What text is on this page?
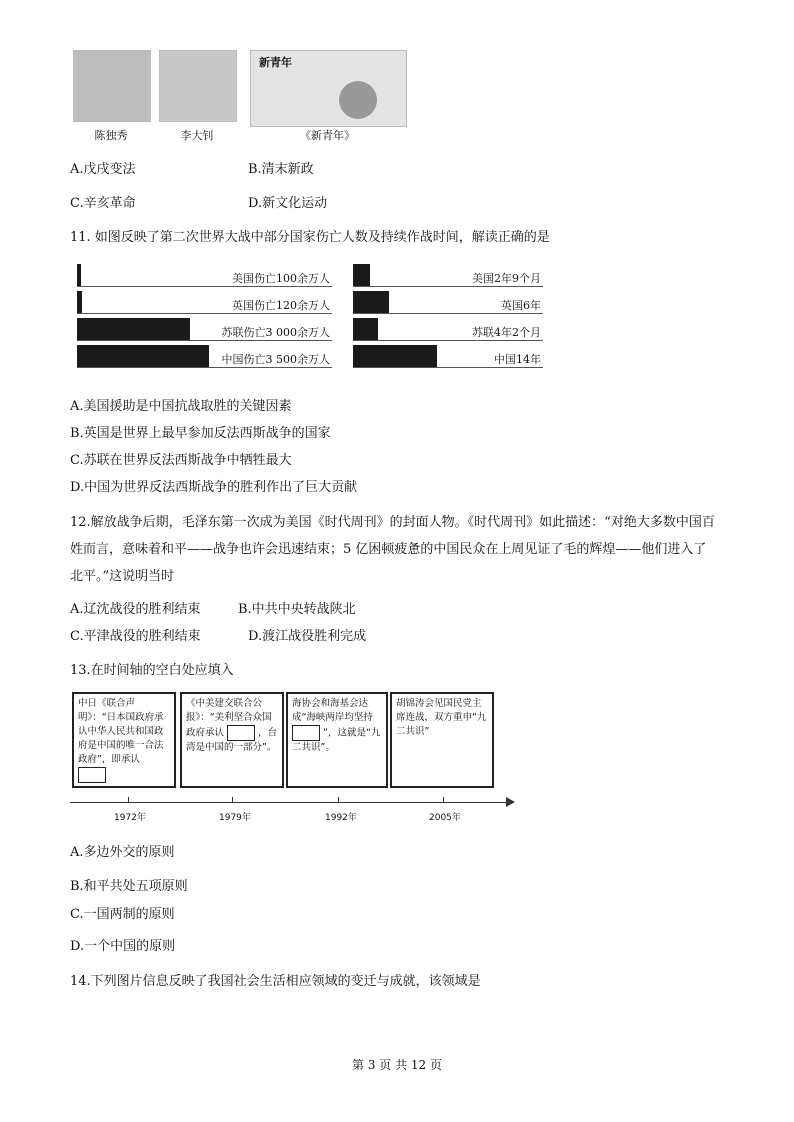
新青年
陈独秀	李大钊	《新青年》
A.戊戌变法	B.清末新政
C.辛亥革命	D.新文化运动
11. 如图反映了第二次世界大战中部分国家伤亡人数及持续作战时间，解读正确的是
美国伤亡100余万人
英国伤亡120余万人
苏联伤亡3 000余万人
中国伤亡3 500余万人
美国2年9个月
英国6年
苏联4年2个月
中国14年
A.美国援助是中国抗战取胜的关键因素
B.英国是世界上最早参加反法西斯战争的国家
C.苏联在世界反法西斯战争中牺牲最大
D.中国为世界反法西斯战争的胜利作出了巨大贡献
12.解放战争后期，毛泽东第一次成为美国《时代周刊》的封面人物。《时代周刊》如此描述：“对绝大多数中国百
姓而言，意味着和平——战争也许会迅速结束；5 亿困顿疲惫的中国民众在上周见证了毛的辉煌——他们进入了
北平。”这说明当时
A.辽沈战役的胜利结束	B.中共中央转战陕北
C.平津战役的胜利结束	D.渡江战役胜利完成
13.在时间轴的空白处应填入
中日《联合声明》：“日本国政府承认中华人民共和国政府是中国的唯一合法政府”，即承认
《中美建交联合公报》：“美利坚合众国政府承认	，台湾是中国的一部分”。
海协会和海基会达成“海峡两岸均坚持  ”，这就是“九二共识”。
胡锦涛会见国民党主席连战，双方重申“九二共识”
1972年	1979年	1992年	2005年
A.多边外交的原则
B.和平共处五项原则
C.一国两制的原则
D.一个中国的原则
14.下列图片信息反映了我国社会生活相应领域的变迁与成就，该领域是
第 3 页 共 12 页
